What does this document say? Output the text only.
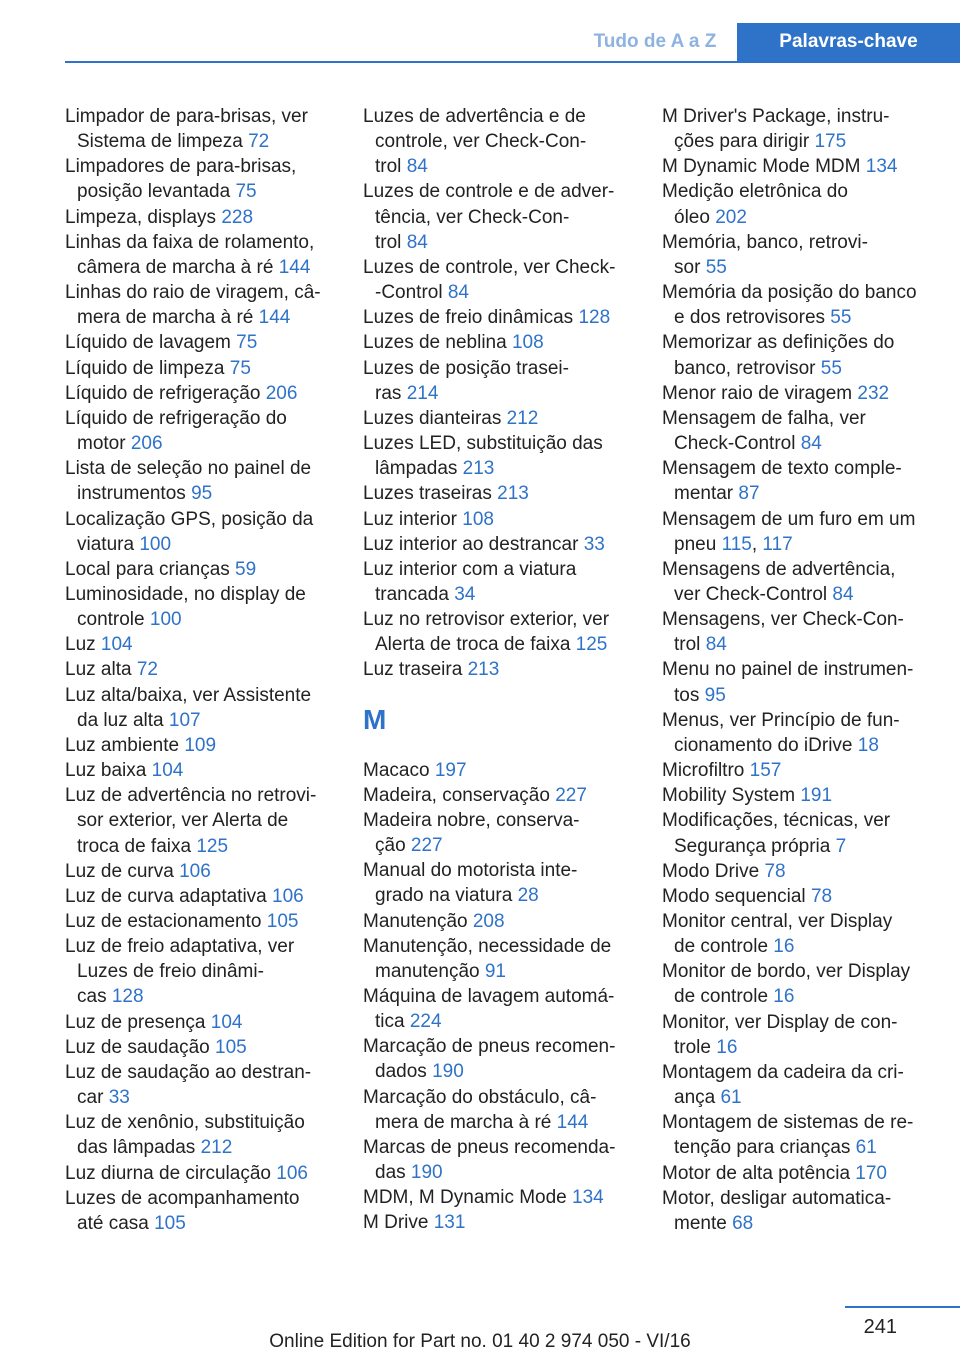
Tudo de A a Z	Palavras-chave
Limpador de para-brisas, ver
Sistema de limpeza 72
Limpadores de para-brisas,
posição levantada 75
Limpeza, displays 228
Linhas da faixa de rolamento,
câmera de marcha à ré 144
Linhas do raio de viragem, câ-
mera de marcha à ré 144
Líquido de lavagem 75
Líquido de limpeza 75
Líquido de refrigeração 206
Líquido de refrigeração do
motor 206
Lista de seleção no painel de
instrumentos 95
Localização GPS, posição da
viatura 100
Local para crianças 59
Luminosidade, no display de
controle 100
Luz 104
Luz alta 72
Luz alta/baixa, ver Assistente
da luz alta 107
Luz ambiente 109
Luz baixa 104
Luz de advertência no retrovi-
sor exterior, ver Alerta de
troca de faixa 125
Luz de curva 106
Luz de curva adaptativa 106
Luz de estacionamento 105
Luz de freio adaptativa, ver
Luzes de freio dinâmi-
cas 128
Luz de presença 104
Luz de saudação 105
Luz de saudação ao destran-
car 33
Luz de xenônio, substituição
das lâmpadas 212
Luz diurna de circulação 106
Luzes de acompanhamento
até casa 105
Luzes de advertência e de
controle, ver Check-Con-
trol 84
Luzes de controle e de adver-
tência, ver Check-Con-
trol 84
Luzes de controle, ver Check-
-Control 84
Luzes de freio dinâmicas 128
Luzes de neblina 108
Luzes de posição trasei-
ras 214
Luzes dianteiras 212
Luzes LED, substituição das
lâmpadas 213
Luzes traseiras 213
Luz interior 108
Luz interior ao destrancar 33
Luz interior com a viatura
trancada 34
Luz no retrovisor exterior, ver
Alerta de troca de faixa 125
Luz traseira 213
M
Macaco 197
Madeira, conservação 227
Madeira nobre, conserva-
ção 227
Manual do motorista inte-
grado na viatura 28
Manutenção 208
Manutenção, necessidade de
manutenção 91
Máquina de lavagem automá-
tica 224
Marcação de pneus recomen-
dados 190
Marcação do obstáculo, câ-
mera de marcha à ré 144
Marcas de pneus recomenda-
das 190
MDM, M Dynamic Mode 134
M Drive 131
M Driver's Package, instru-
ções para dirigir 175
M Dynamic Mode MDM 134
Medição eletrônica do
óleo 202
Memória, banco, retrovi-
sor 55
Memória da posição do banco
e dos retrovisores 55
Memorizar as definições do
banco, retrovisor 55
Menor raio de viragem 232
Mensagem de falha, ver
Check-Control 84
Mensagem de texto comple-
mentar 87
Mensagem de um furo em um
pneu 115, 117
Mensagens de advertência,
ver Check-Control 84
Mensagens, ver Check-Con-
trol 84
Menu no painel de instrumen-
tos 95
Menus, ver Princípio de fun-
cionamento do iDrive 18
Microfiltro 157
Mobility System 191
Modificações, técnicas, ver
Segurança própria 7
Modo Drive 78
Modo sequencial 78
Monitor central, ver Display
de controle 16
Monitor de bordo, ver Display
de controle 16
Monitor, ver Display de con-
trole 16
Montagem da cadeira da cri-
ança 61
Montagem de sistemas de re-
tenção para crianças 61
Motor de alta potência 170
Motor, desligar automatica-
mente 68
241
Online Edition for Part no. 01 40 2 974 050 - VI/16
